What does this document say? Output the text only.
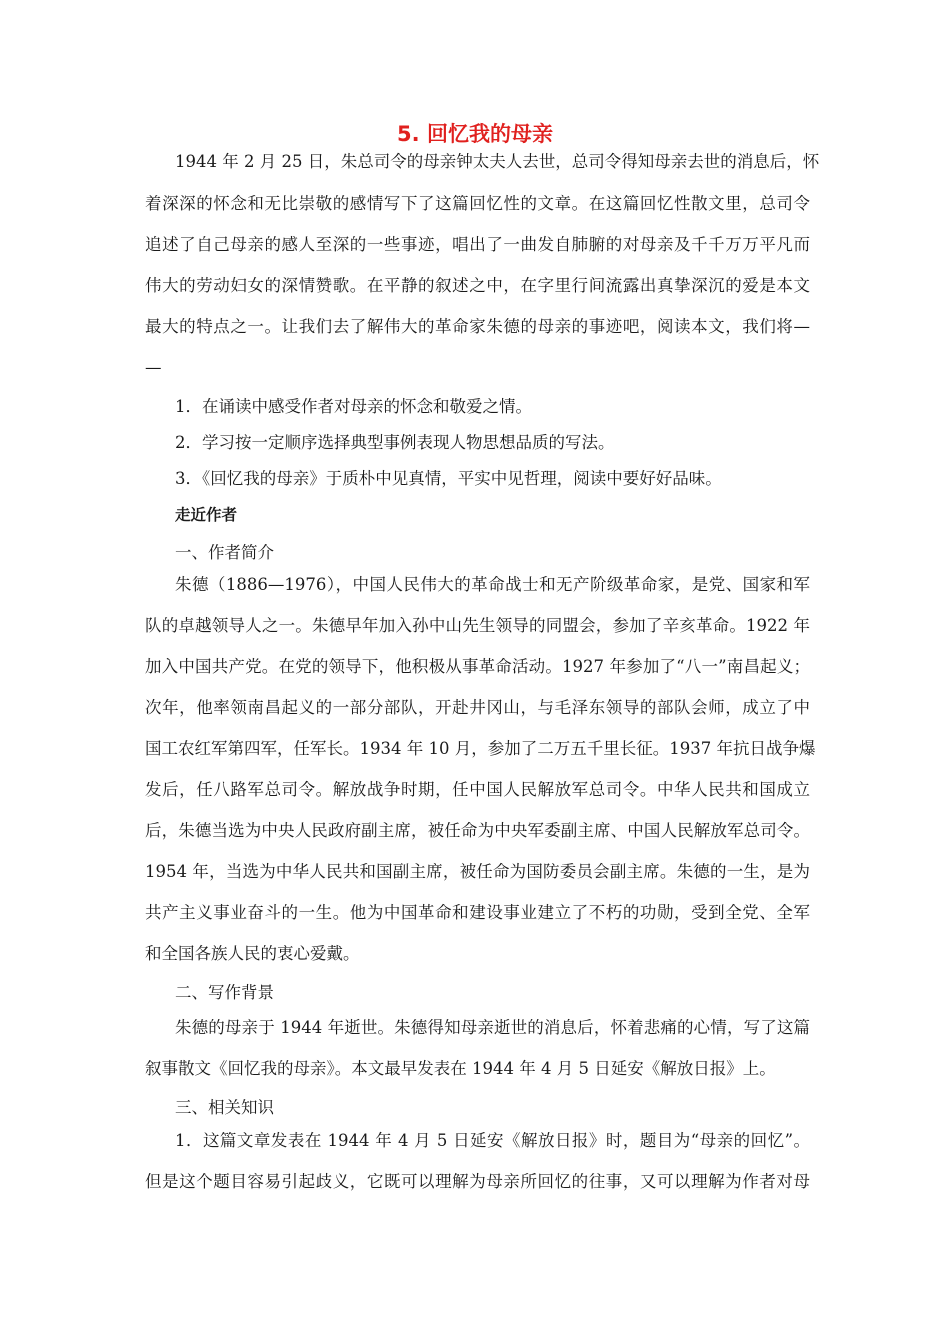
5. 回忆我的母亲
1944 年 2 月 25 日，朱总司令的母亲钟太夫人去世，总司令得知母亲去世的消息后，怀
着深深的怀念和无比崇敬的感情写下了这篇回忆性的文章。在这篇回忆性散文里，总司令
追述了自己母亲的感人至深的一些事迹，唱出了一曲发自肺腑的对母亲及千千万万平凡而
伟大的劳动妇女的深情赞歌。在平静的叙述之中，在字里行间流露出真挚深沉的爱是本文
最大的特点之一。让我们去了解伟大的革命家朱德的母亲的事迹吧，阅读本文，我们将—
—
1．在诵读中感受作者对母亲的怀念和敬爱之情。
2．学习按一定顺序选择典型事例表现人物思想品质的写法。
3．《回忆我的母亲》于质朴中见真情，平实中见哲理，阅读中要好好品味。
走近作者
一、作者简介
朱德（1886—1976），中国人民伟大的革命战士和无产阶级革命家，是党、国家和军
队的卓越领导人之一。朱德早年加入孙中山先生领导的同盟会，参加了辛亥革命。1922 年
加入中国共产党。在党的领导下，他积极从事革命活动。1927 年参加了“八一”南昌起义；
次年，他率领南昌起义的一部分部队，开赴井冈山，与毛泽东领导的部队会师，成立了中
国工农红军第四军，任军长。1934 年 10 月，参加了二万五千里长征。1937 年抗日战争爆
发后，任八路军总司令。解放战争时期，任中国人民解放军总司令。中华人民共和国成立
后，朱德当选为中央人民政府副主席，被任命为中央军委副主席、中国人民解放军总司令。
1954 年，当选为中华人民共和国副主席，被任命为国防委员会副主席。朱德的一生，是为
共产主义事业奋斗的一生。他为中国革命和建设事业建立了不朽的功勋，受到全党、全军
和全国各族人民的衷心爱戴。
二、写作背景
朱德的母亲于 1944 年逝世。朱德得知母亲逝世的消息后，怀着悲痛的心情，写了这篇
叙事散文《回忆我的母亲》。本文最早发表在 1944 年 4 月 5 日延安《解放日报》上。
三、相关知识
1．这篇文章发表在 1944 年 4 月 5 日延安《解放日报》时，题目为“母亲的回忆”。
但是这个题目容易引起歧义，它既可以理解为母亲所回忆的往事，又可以理解为作者对母
